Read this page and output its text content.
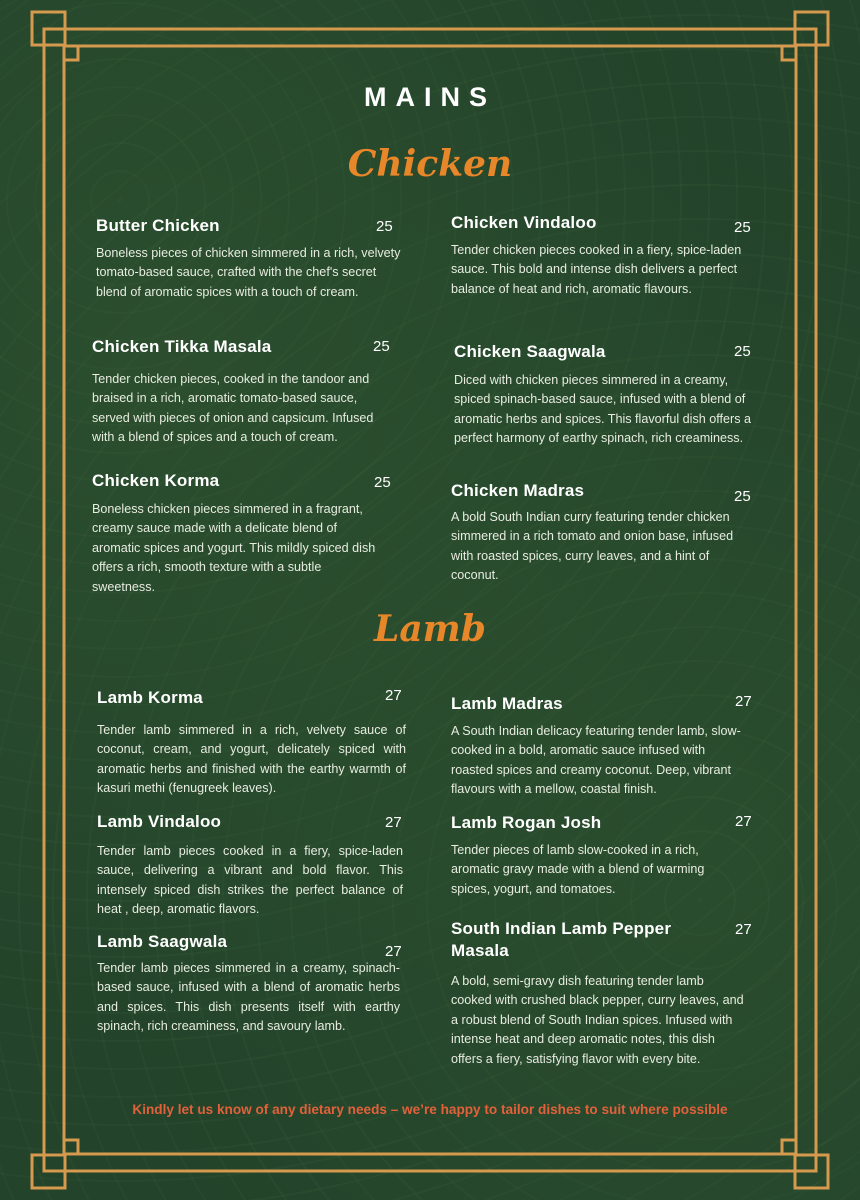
MAINS
Chicken
Lamb
Butter Chicken	25
Boneless pieces of chicken simmered in a rich, velvety tomato-based sauce, crafted with the chef's secret blend of aromatic spices with a touch of cream.
Chicken Vindaloo	25
Tender chicken pieces cooked in a fiery, spice-laden sauce. This bold and intense dish delivers a perfect balance of heat and rich, aromatic flavours.
Chicken Tikka Masala	25
Tender chicken pieces, cooked in the tandoor and braised in a rich, aromatic tomato-based sauce, served with pieces of onion and capsicum. Infused with a blend of spices and a touch of cream.
Chicken Saagwala	25
Diced with chicken pieces simmered in a creamy, spiced spinach-based sauce, infused with a blend of aromatic herbs and spices. This flavorful dish offers a perfect harmony of earthy spinach, rich creaminess.
Chicken Korma	25
Boneless chicken pieces simmered in a fragrant, creamy sauce made with a delicate blend of aromatic spices and yogurt. This mildly spiced dish offers a rich, smooth texture with a subtle sweetness.
Chicken Madras	25
A bold South Indian curry featuring tender chicken simmered in a rich tomato and onion base, infused with roasted spices, curry leaves, and a hint of coconut.
Lamb Korma	27
Tender lamb simmered in a rich, velvety sauce of coconut, cream, and yogurt, delicately spiced with aromatic herbs and finished with the earthy warmth of kasuri methi (fenugreek leaves).
Lamb Madras	27
A South Indian delicacy featuring tender lamb, slow-cooked in a bold, aromatic sauce infused with roasted spices and creamy coconut. Deep, vibrant flavours with a mellow, coastal finish.
Lamb Vindaloo	27
Tender lamb pieces cooked in a fiery, spice-laden sauce, delivering a vibrant and bold flavor. This intensely spiced dish strikes the perfect balance of heat , deep, aromatic flavors.
Lamb Rogan Josh	27
Tender pieces of lamb slow-cooked in a rich, aromatic gravy made with a blend of warming spices, yogurt, and tomatoes.
Lamb Saagwala
27
Tender lamb pieces simmered in a creamy, spinach-based sauce, infused with a blend of aromatic herbs and spices. This dish presents itself with earthy spinach, rich creaminess, and savoury lamb.
South Indian Lamb Pepper Masala
27
A bold, semi-gravy dish featuring tender lamb cooked with crushed black pepper, curry leaves, and a robust blend of South Indian spices. Infused with intense heat and deep aromatic notes, this dish offers a fiery, satisfying flavor with every bite.
Kindly let us know of any dietary needs – we’re happy to tailor dishes to suit where possible
